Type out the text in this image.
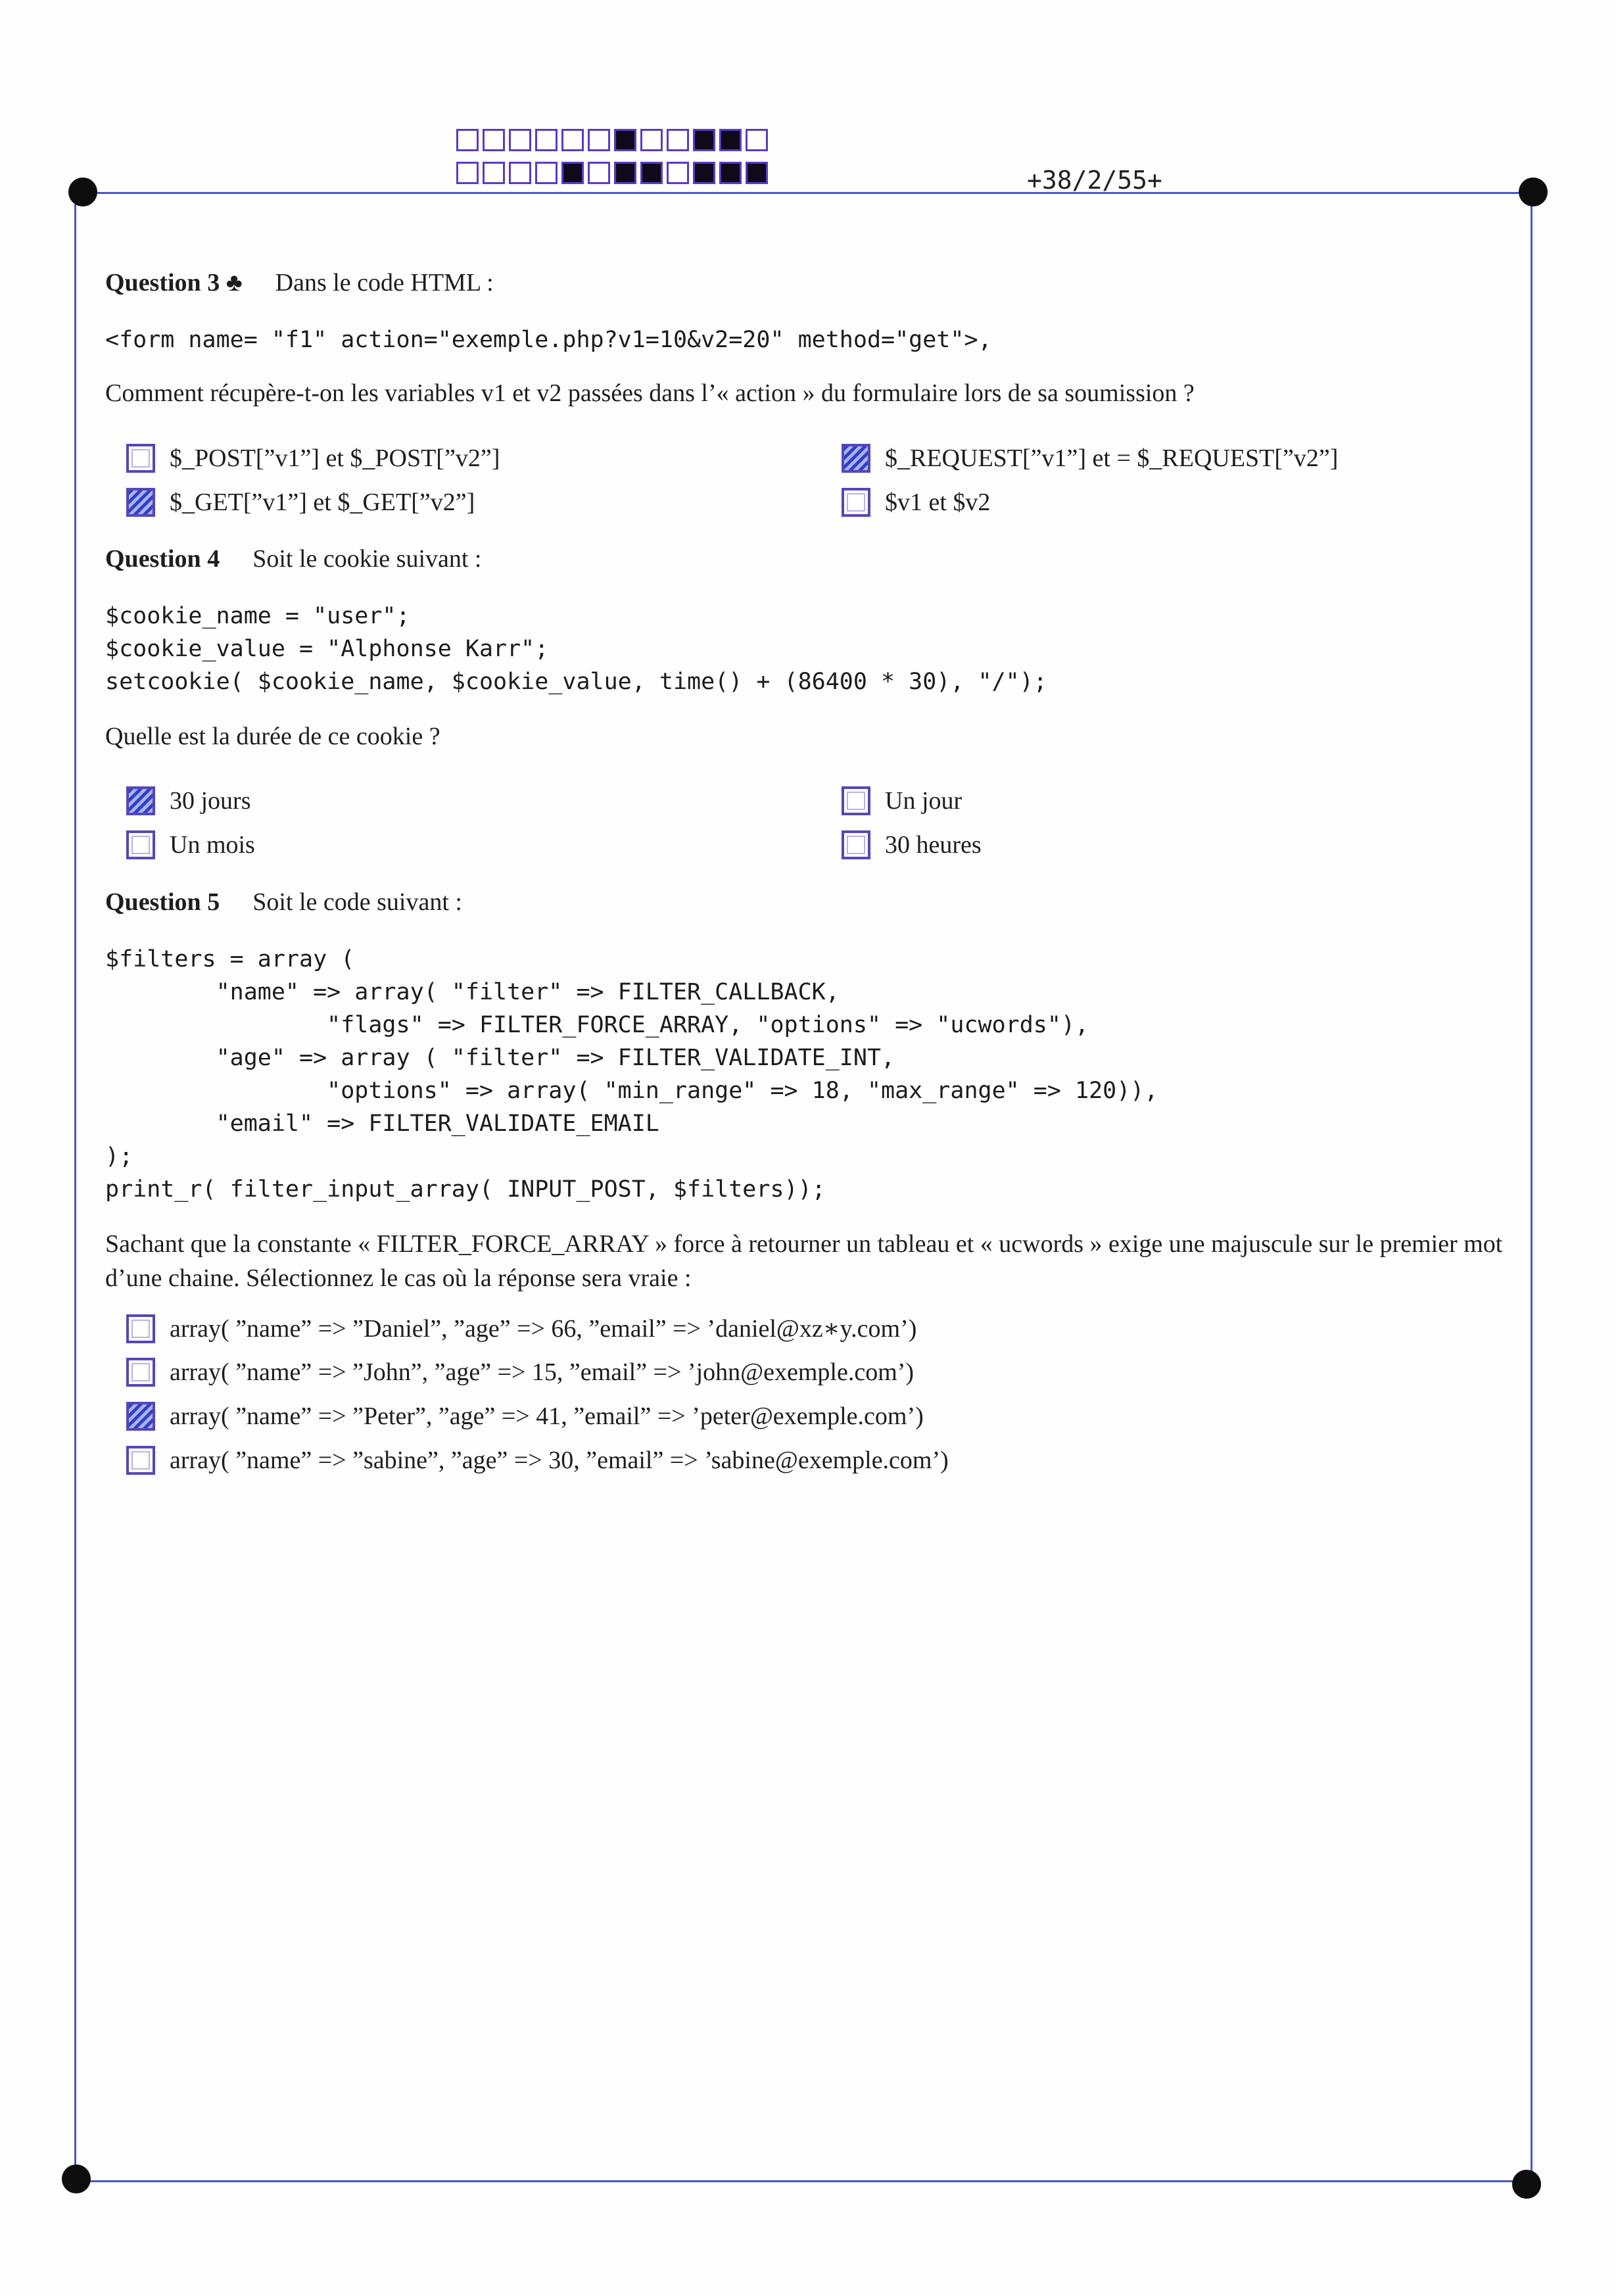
+38/2/55+
Question 3 ♣ Dans le code HTML :
<form name= "f1" action="exemple.php?v1=10&v2=20" method="get">,
Comment récupère-t-on les variables v1 et v2 passées dans l’« action » du formulaire lors de sa soumission ?
$_POST[”v1”] et $_POST[”v2”]
$_GET[”v1”] et $_GET[”v2”]
$_REQUEST[”v1”] et = $_REQUEST[”v2”]
$v1 et $v2
Question 4 Soit le cookie suivant :
$cookie_name = "user";
$cookie_value = "Alphonse Karr";
setcookie( $cookie_name, $cookie_value, time() + (86400 * 30), "/");
Quelle est la durée de ce cookie ?
30 jours
Un mois
Un jour
30 heures
Question 5 Soit le code suivant :
$filters = array (
"name" => array( "filter" => FILTER_CALLBACK,
"flags" => FILTER_FORCE_ARRAY, "options" => "ucwords"),
"age" => array ( "filter" => FILTER_VALIDATE_INT,
"options" => array( "min_range" => 18, "max_range" => 120)),
"email" => FILTER_VALIDATE_EMAIL
);
print_r( filter_input_array( INPUT_POST, $filters));
Sachant que la constante « FILTER_FORCE_ARRAY » force à retourner un tableau et « ucwords » exige une majuscule sur le premier mot d’une chaine. Sélectionnez le cas où la réponse sera vraie :
array( ”name” => ”Daniel”, ”age” => 66, ”email” => ’daniel@xz∗y.com’)
array( ”name” => ”John”, ”age” => 15, ”email” => ’john@exemple.com’)
array( ”name” => ”Peter”, ”age” => 41, ”email” => ’peter@exemple.com’)
array( ”name” => ”sabine”, ”age” => 30, ”email” => ’sabine@exemple.com’)
